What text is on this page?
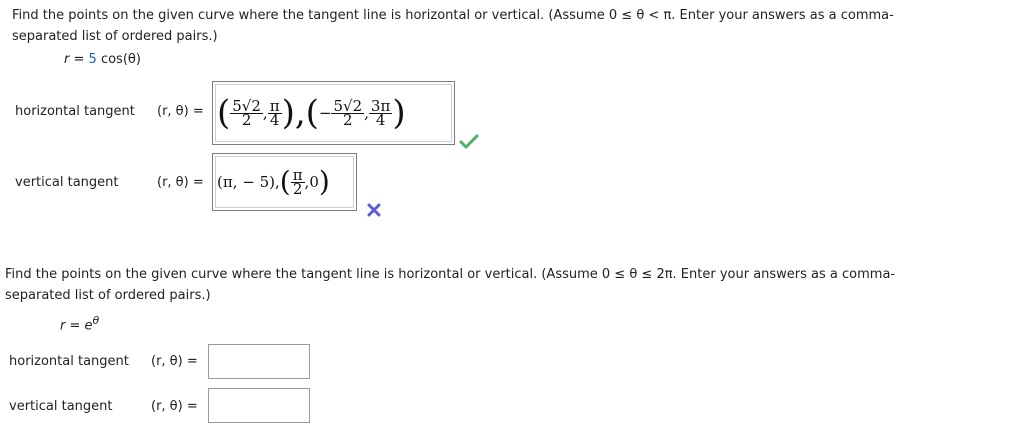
Find the points on the given curve where the tangent line is horizontal or vertical. (Assume 0 ≤ θ < π. Enter your answers as a comma-
separated list of ordered pairs.)
r = 5 cos(θ)
horizontal tangent (r, θ) = ( $\frac{5√2}{2}$ , $\frac{\pi}{4}$ ),( − $\frac{5√2}{2}$ , $\frac{3\pi}{4}$ )
vertical tangent	(r, θ) = (π, − 5), ( $\frac{\pi}{2} ,0$ )
Find the points on the given curve where the tangent line is horizontal or vertical. (Assume 0 ≤ θ ≤ 2π. Enter your answers as a comma-
separated list of ordered pairs.)
$r = e^\theta$
horizontal tangent (r, θ) =
vertical tangent	(r, θ) =
